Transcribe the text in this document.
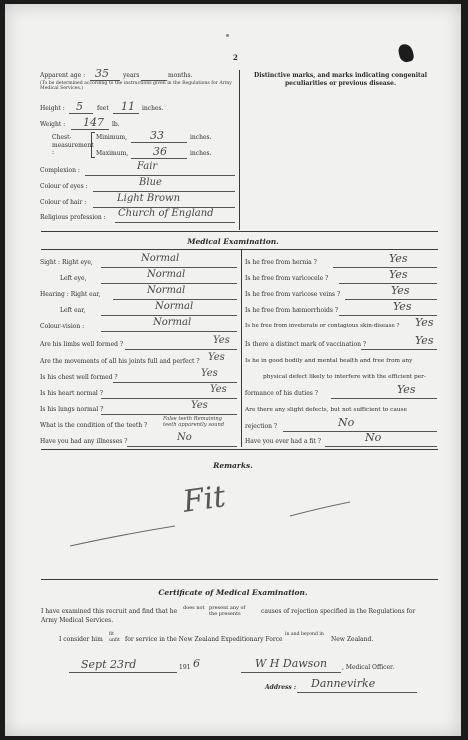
2
Apparent age : 35 years	months.
(To be determined according to the instructions given in the Regulations for Army Medical Services.)
Height : 5 feet 11 inches.
Weight : 147 lb.
Chest-measurement :
Minimum, 33	inches.
Maximum, 36	inches.
Complexion :	Fair
Colour of eyes :	Blue
Colour of hair :	Light Brown
Religious profession : Church of England
Distinctive marks, and marks indicating congenital peculiarities or previous disease.
Medical Examination.
Sight : Right eye,	Normal
Left eye,	Normal
Hearing : Right ear,	Normal
Left ear,	Normal
Colour-vision :	Normal
Are his limbs well formed ?	Yes
Are the movements of all his joints full and perfect ? Yes
Is his chest well formed ?	Yes
Is his heart normal ?	Yes
Is his lungs normal ?	Yes
What is the condition of the teeth ?
False teeth Remaining teeth apparently sound
Have you had any illnesses ?	No
Is he free from hernia ?	Yes
Is he free from varicocele ?	Yes
Is he free from varicose veins ?	Yes
Is he free from hæmorrhoids ?	Yes
Is he free from inveterate or contagious skin-disease ? Yes
Is there a distinct mark of vaccination ?	Yes
Is he in good bodily and mental health and free from any
physical defect likely to interfere with the efficient per-
formance of his duties ?	Yes
Are there any slight defects, but not sufficient to cause
rejection ?	No
Have you ever had a fit ?	No
Remarks.
Fit
Certificate of Medical Examination.
I have examined this recruit and find that he does not present any of the presents	causes of rejection specified in the Regulations for
Army Medical Services.
I consider him
fit unfit for service in the New Zealand Expeditionary Force
in and beyond in
New Zealand.
Sept 23rd	191 6	W H Dawson , Medical Officer.
Address : Dannevirke
